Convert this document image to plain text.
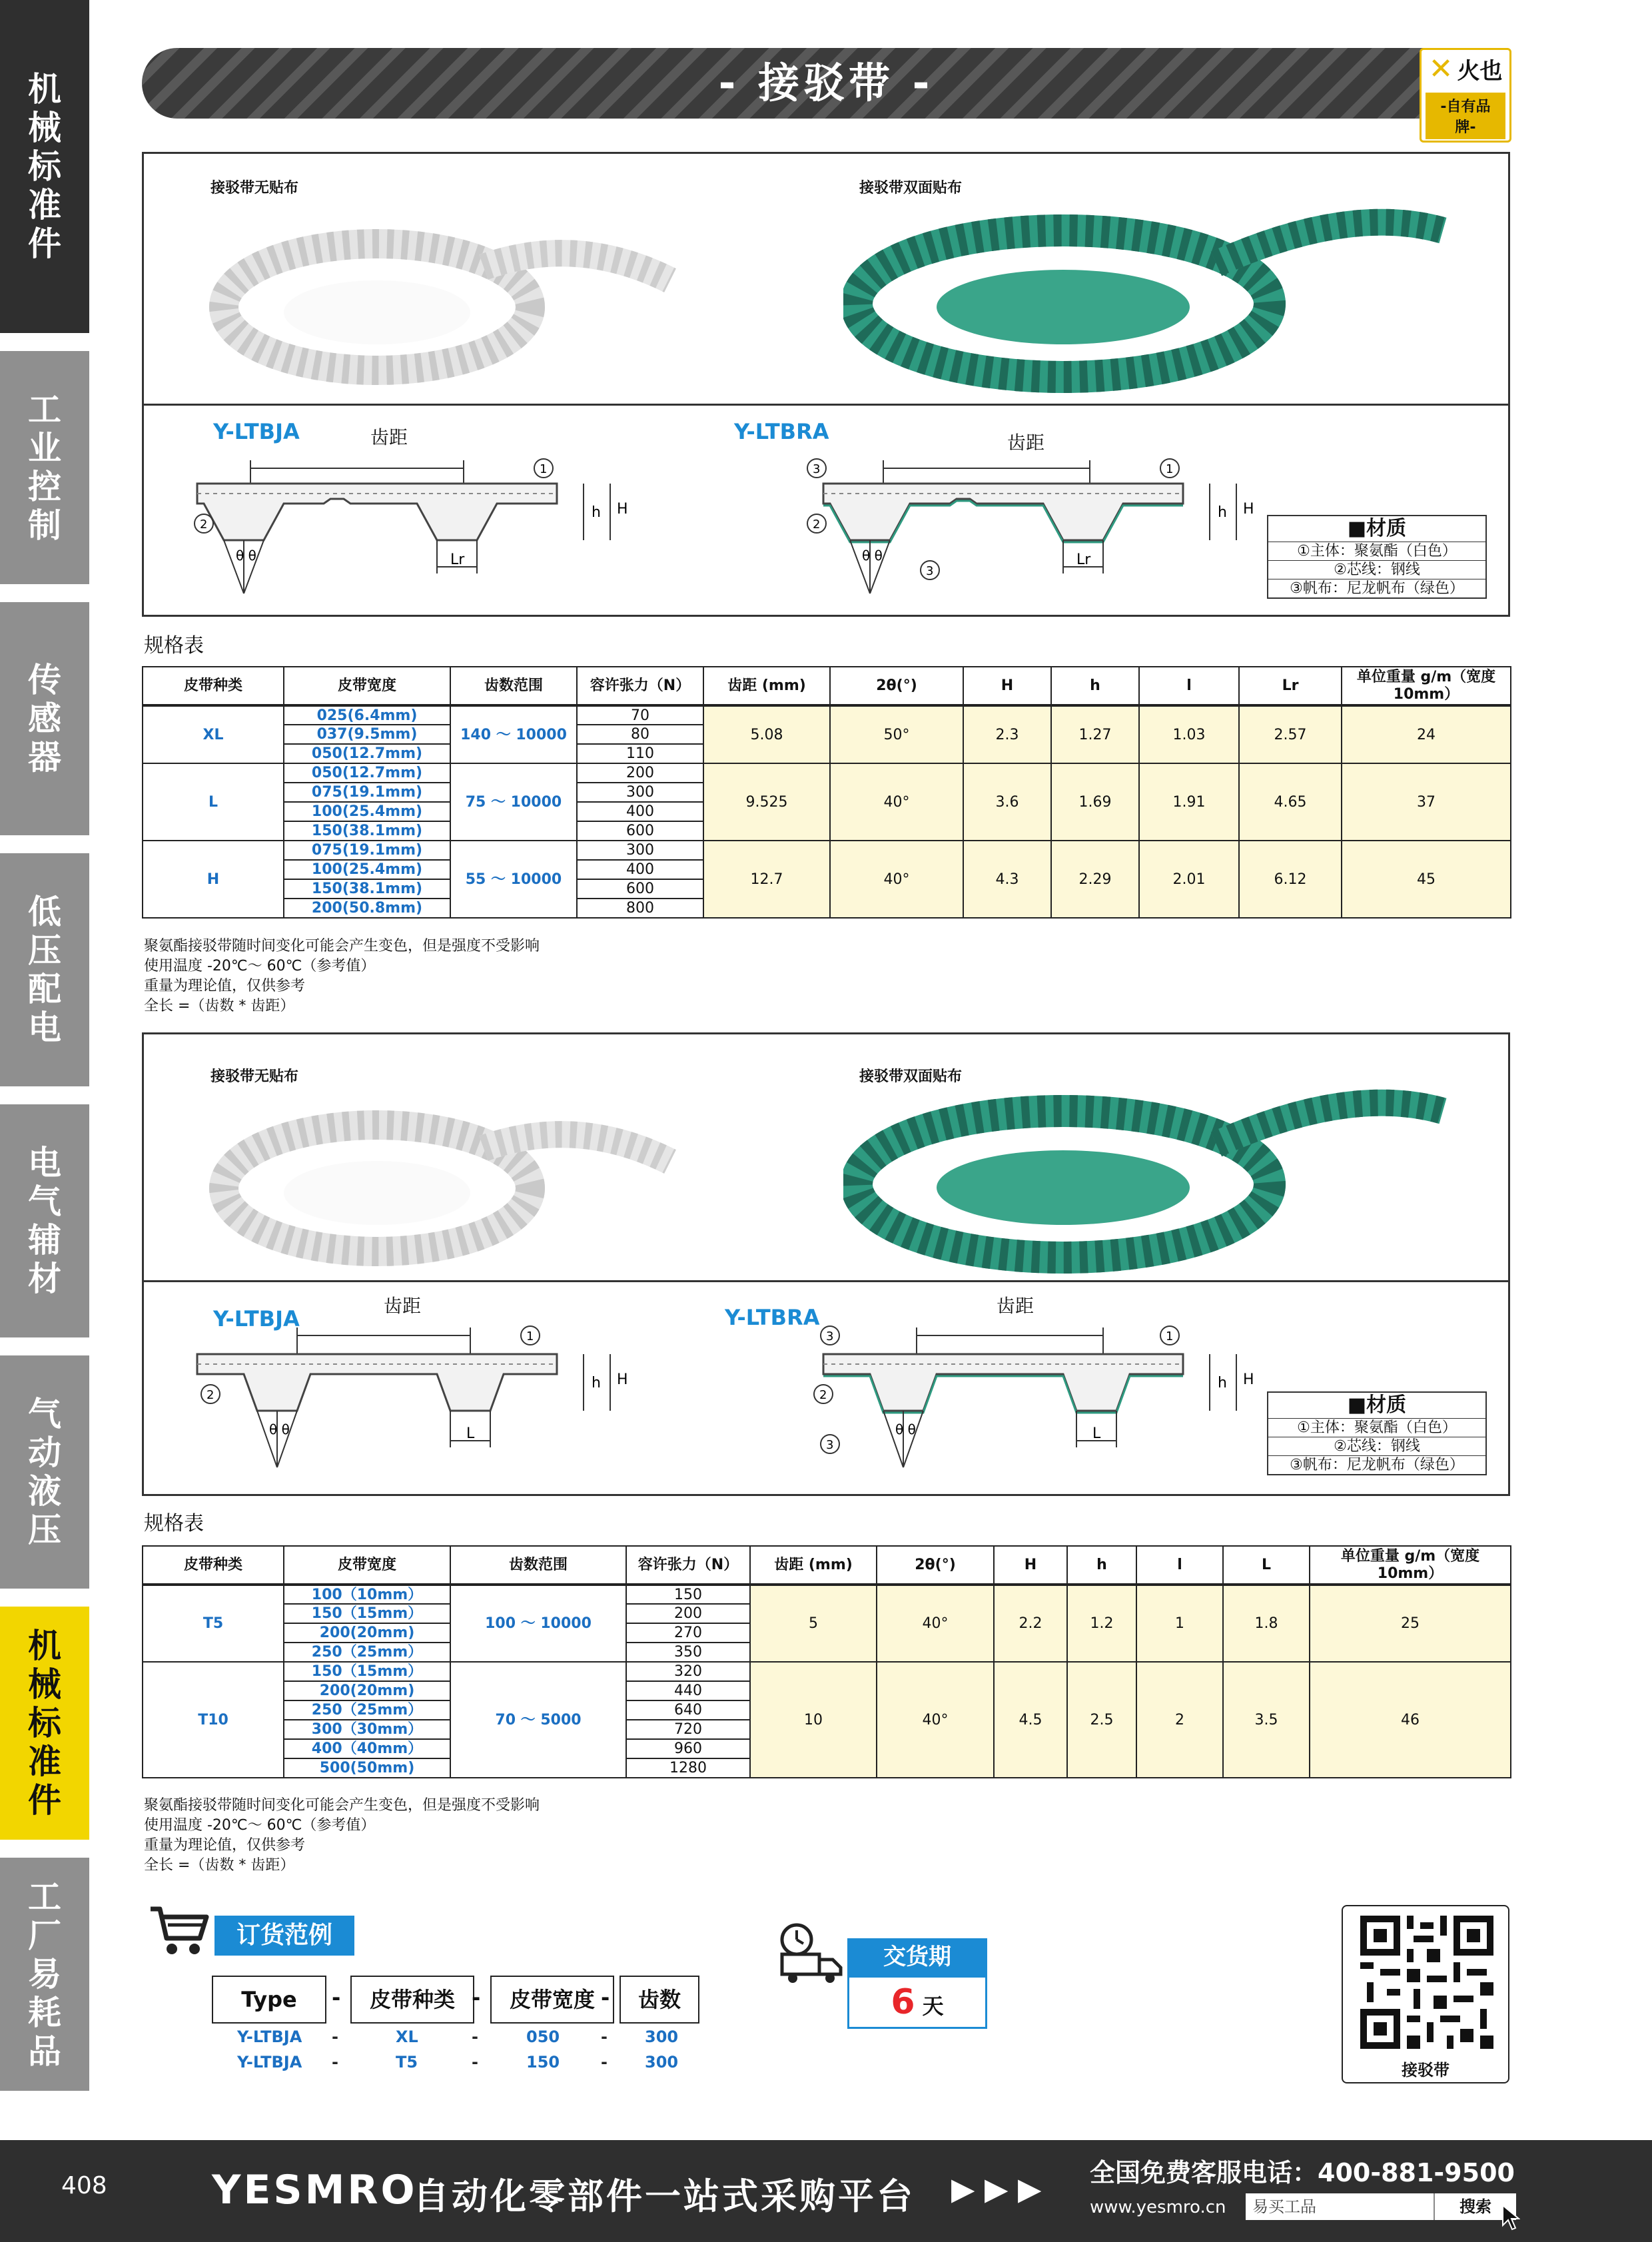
机械标准件
工业控制
传感器
低压配电
电气辅材
气动液压
机械标准件
工厂易耗品
- 接驳带 -	✕ 火也
-自有品牌-
接驳带无贴布	接驳带双面贴布
Y-LTBJA	Y-LTBRA
齿距	齿距
Lr
θ θ
h H
1
2
Lr
θ θ
h H
1
3
2
3
■材质
①主体：聚氨酯（白色）
②芯线：钢线
③帆布：尼龙帆布（绿色）
规格表
皮带种类	皮带宽度	齿数范围	容许张力（N）	齿距 (mm)	2θ(°)	H	h	l	Lr	单位重量 g/m（宽度 10mm）
XL	025(6.4mm)	140 ～ 10000	70	5.08	50°	2.3	1.27	1.03	2.57	24
	037(9.5mm)		80							
	050(12.7mm)		110							
L	050(12.7mm)	75 ～ 10000	200	9.525	40°	3.6	1.69	1.91	4.65	37
	075(19.1mm)		300							
	100(25.4mm)		400							
	150(38.1mm)		600							
H	075(19.1mm)	55 ～ 10000	300	12.7	40°	4.3	2.29	2.01	6.12	45
	100(25.4mm)		400							
	150(38.1mm)		600							
	200(50.8mm)		800							
聚氨酯接驳带随时间变化可能会产生变色，但是强度不受影响
使用温度 -20℃～ 60℃（参考值）
重量为理论值，仅供参考
全长 =（齿数 * 齿距）
接驳带无贴布	接驳带双面贴布
Y-LTBJA	Y-LTBRA
齿距	齿距
L
θ θ
h H
1
2
L
θ θ
h H
1
3
2
3
■材质
①主体：聚氨酯（白色）
②芯线：钢线
③帆布：尼龙帆布（绿色）
规格表
皮带种类	皮带宽度	齿数范围	容许张力（N）	齿距 (mm)	2θ(°)	H	h	l	L	单位重量 g/m（宽度 10mm）
T5	100（10mm）	100 ～ 10000	150	5	40°	2.2	1.2	1	1.8	25
	150（15mm）		200							
	200(20mm)		270							
	250（25mm）		350							
T10	150（15mm）	70 ～ 5000	320	10	40°	4.5	2.5	2	3.5	46
	200(20mm)		440							
	250（25mm）		640							
	300（30mm）		720							
	400（40mm）		960							
	500(50mm)		1280							
聚氨酯接驳带随时间变化可能会产生变色，但是强度不受影响
使用温度 -20℃～ 60℃（参考值）
重量为理论值，仅供参考
全长 =（齿数 * 齿距）
订货范例
Type	-	皮带种类 -	皮带宽度 -	齿数
Y-LTBJA -	XL	-	050	- 300
Y-LTBJA -	T5	-	150	- 300
交货期
6 天
接驳带
408	YESMRO
自动化零部件一站式采购平台 ▶ ▶ ▶ 全国免费客服电话：400-881-9500
www.yesmro.cn	易买工品	搜索
